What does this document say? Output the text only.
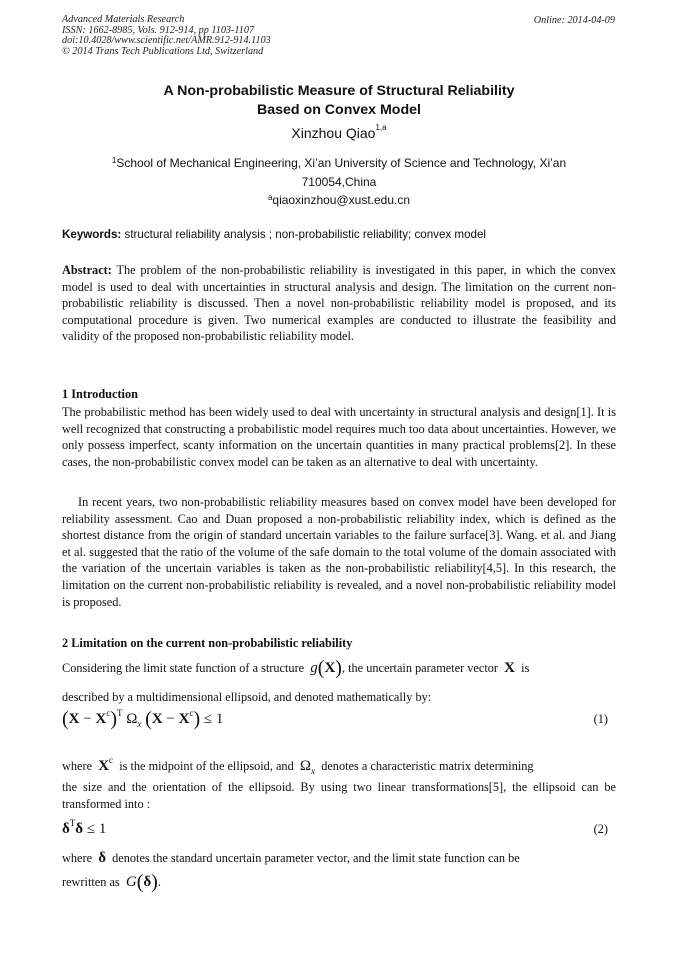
Advanced Materials Research
ISSN: 1662-8985, Vols. 912-914, pp 1103-1107
doi:10.4028/www.scientific.net/AMR.912-914.1103
© 2014 Trans Tech Publications Ltd, Switzerland
Online: 2014-04-09
A Non-probabilistic Measure of Structural Reliability
Based on Convex Model
Xinzhou Qiao$^{1,a}$
$^1$School of Mechanical Engineering, Xi’an University of Science and Technology, Xi’an
710054,China
$^a$qiaoxinzhou@xust.edu.cn
Keywords: structural reliability analysis ; non-probabilistic reliability; convex model
Abstract: The problem of the non-probabilistic reliability is investigated in this paper, in which the convex model is used to deal with uncertainties in structural analysis and design. The limitation on the current non-probabilistic reliability is discussed. Then a novel non-probabilistic reliability model is proposed, and its computational procedure is given. Two numerical examples are conducted to illustrate the feasibility and validity of the proposed non-probabilistic reliability model.
1 Introduction
The probabilistic method has been widely used to deal with uncertainty in structural analysis and design[1]. It is well recognized that constructing a probabilistic model requires much too data about uncertainties. However, we only possess imperfect, scanty information on the uncertain quantities in many practical problems[2]. In these cases, the non-probabilistic convex model can be taken as an alternative to deal with uncertainty.
In recent years, two non-probabilistic reliability measures based on convex model have been developed for reliability assessment. Cao and Duan proposed a non-probabilistic reliability index, which is defined as the shortest distance from the origin of standard uncertain variables to the failure surface[3]. Wang. et al. and Jiang et al. suggested that the ratio of the volume of the safe domain to the total volume of the domain associated with the variation of the uncertain variables is taken as the non-probabilistic reliability[4,5]. In this research, the limitation on the current non-probabilistic reliability is revealed, and a novel non-probabilistic reliability model is proposed.
2 Limitation on the current non-probabilistic reliability
Considering the limit state function of a structure g(X), the uncertain parameter vector X is
described by a multidimensional ellipsoid, and denoted mathematically by:
$(X - X^c)^T$ $\Omega_x$ $(X - X^c) \le 1$	(1)
where $X^c$ is the midpoint of the ellipsoid, and $\Omega_x$ denotes a characteristic matrix determining
the size and the orientation of the ellipsoid. By using two linear transformations[5], the ellipsoid can be transformed into :
$\delta^T\delta \le 1$	(2)
where δ denotes the standard uncertain parameter vector, and the limit state function can be
rewritten as G(δ).
